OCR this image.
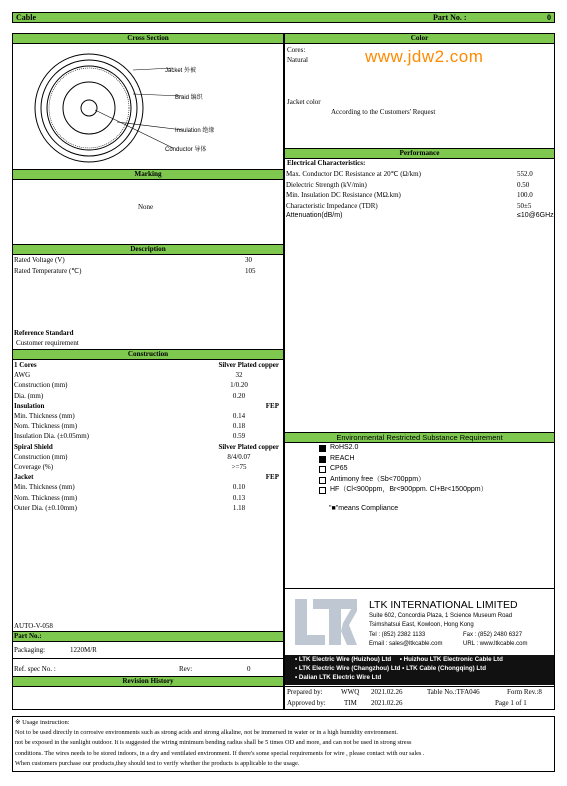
Cable	Part No. :	0
Cross Section
Jacket 外被
Braid 编织
Insulation 绝缘
Conductor 导体
Marking
None
Description
Rated Voltage (V)	30
Rated Temperature (℃)	105
Reference Standard
Customer requirement
Construction
1 Cores	Silver Plated copper
AWG	32
Construction (mm)	1/0.20
Dia. (mm)	0.20
Insulation	FEP
Min. Thickness (mm)	0.14
Nom. Thickness (mm)	0.18
Insulation Dia. (±0.05mm)	0.59
Spiral Shield	Silver Plated copper
Construction (mm)	8/4/0.07
Coverage (%)	>=75
Jacket	FEP
Min. Thickness (mm)	0.10
Nom. Thickness (mm)	0.13
Outer Dia. (±0.10mm)	1.18
AUTO-V-058
Part No.:
Packaging:	1220M/R
Ref. spec No. :	Rev:	0
Revision History
Color
Cores:
Natural	www.jdw2.com
Jacket color
According to the Customers' Request
Performance
Electrical Characteristics:
Max. Conductor DC Resistance at 20℃ (Ω/km)	552.0
Dielectric Strength (kV/min)	0.50
Min. Insulation DC Resistance (MΩ.km)	100.0
Characteristic Impedance (TDR)	50±5
Attenuation(dB/m)	≤10@6GHz
Environmental Restricted Substance Requirement
RoHS2.0
REACH
CP65
Antimony free（Sb<700ppm）
HF（Cl<900ppm，Br<900ppm. Cl+Br<1500ppm）
"■"means Compliance
LTK INTERNATIONAL LIMITED
Suite 602, Concordia Plaza, 1 Science Museum Road
Tsimshatsui East, Kowloon, Hong Kong
Tel : (852) 2382 1133	Fax : (852) 2480 6327
Email : sales@ltkcable.com	URL : www.ltkcable.com
• LTK Electric Wire (Huizhou) Ltd     • Huizhou LTK Electronic Cable Ltd
• LTK Electric Wire (Changzhou) Ltd • LTK Cable (Chongqing) Ltd
• Dalian LTK Electric Wire Ltd
Prepared by:	WWQ 2021.02.26	Table No.:TFA046	Form Rev.:8
Approved by:	TIM 2021.02.26	Page 1 of 1
※ Usage instruction:
Not to be used directly in corrosive environments such as strong acids and strong alkaline, not be immersed in water or in a high humidity environment.
not be exposed in the sunlight outdoor. It is suggested the wiring minimum bending radius shall be 5 times OD and more, and can not be used in strong stress
conditions. The wires needs to be stored indoors, in a dry and ventilated environment. If there's some special requirements for wire , please contact with our sales .
When customers purchase our products,they should test to verify whether the products is applicable to the usage.
